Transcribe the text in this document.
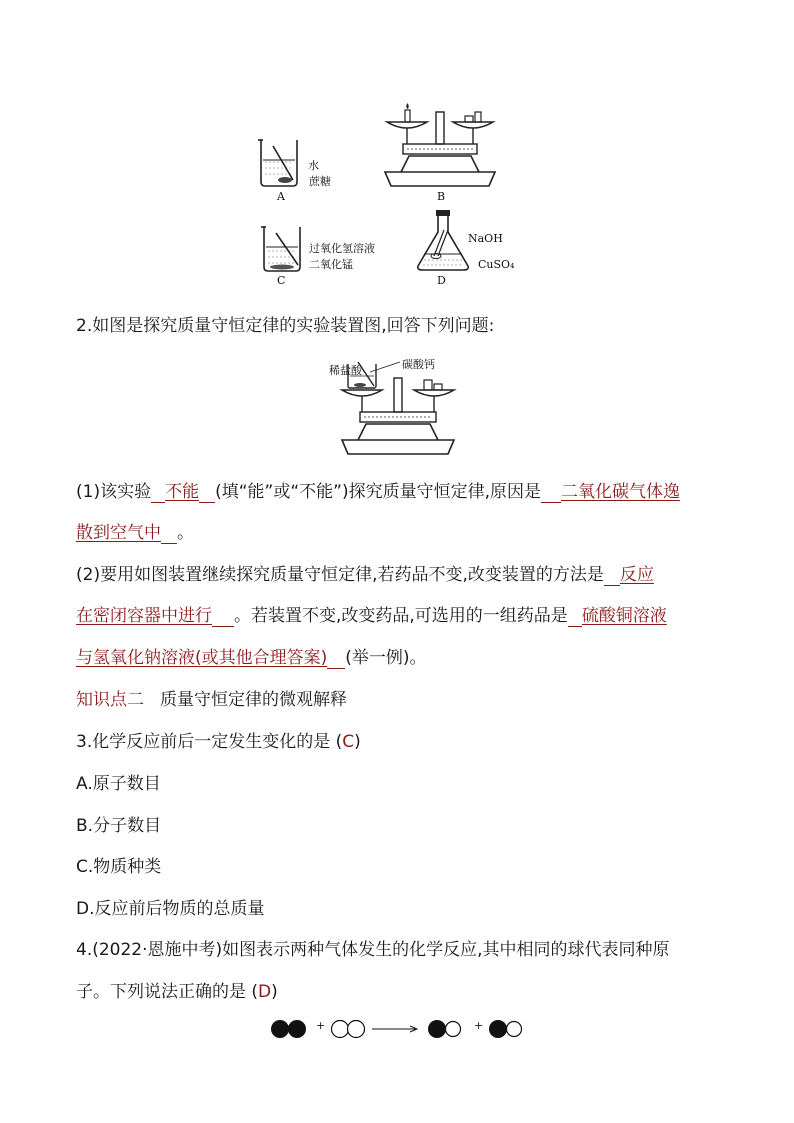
水
蔗糖
A	B
过氧化氢溶液
二氧化锰
C
NaOH
CuSO₄
D
2.如图是探究质量守恒定律的实验装置图,回答下列问题:
稀盐酸	碳酸钙
(1)该实验 不能 (填“能”或“不能”)探究质量守恒定律,原因是 二氧化碳气体逸
散到空气中 。
(2)要用如图装置继续探究质量守恒定律,若药品不变,改变装置的方法是 反应
在密闭容器中进行 。若装置不变,改变药品,可选用的一组药品是 硫酸铜溶液
与氢氧化钠溶液(或其他合理答案) (举一例)。
知识点二 质量守恒定律的微观解释
3.化学反应前后一定发生变化的是 (C)
A.原子数目
B.分子数目
C.物质种类
D.反应前后物质的总质量
4.(2022·恩施中考)如图表示两种气体发生的化学反应,其中相同的球代表同种原
子。下列说法正确的是 (D)
+	+
